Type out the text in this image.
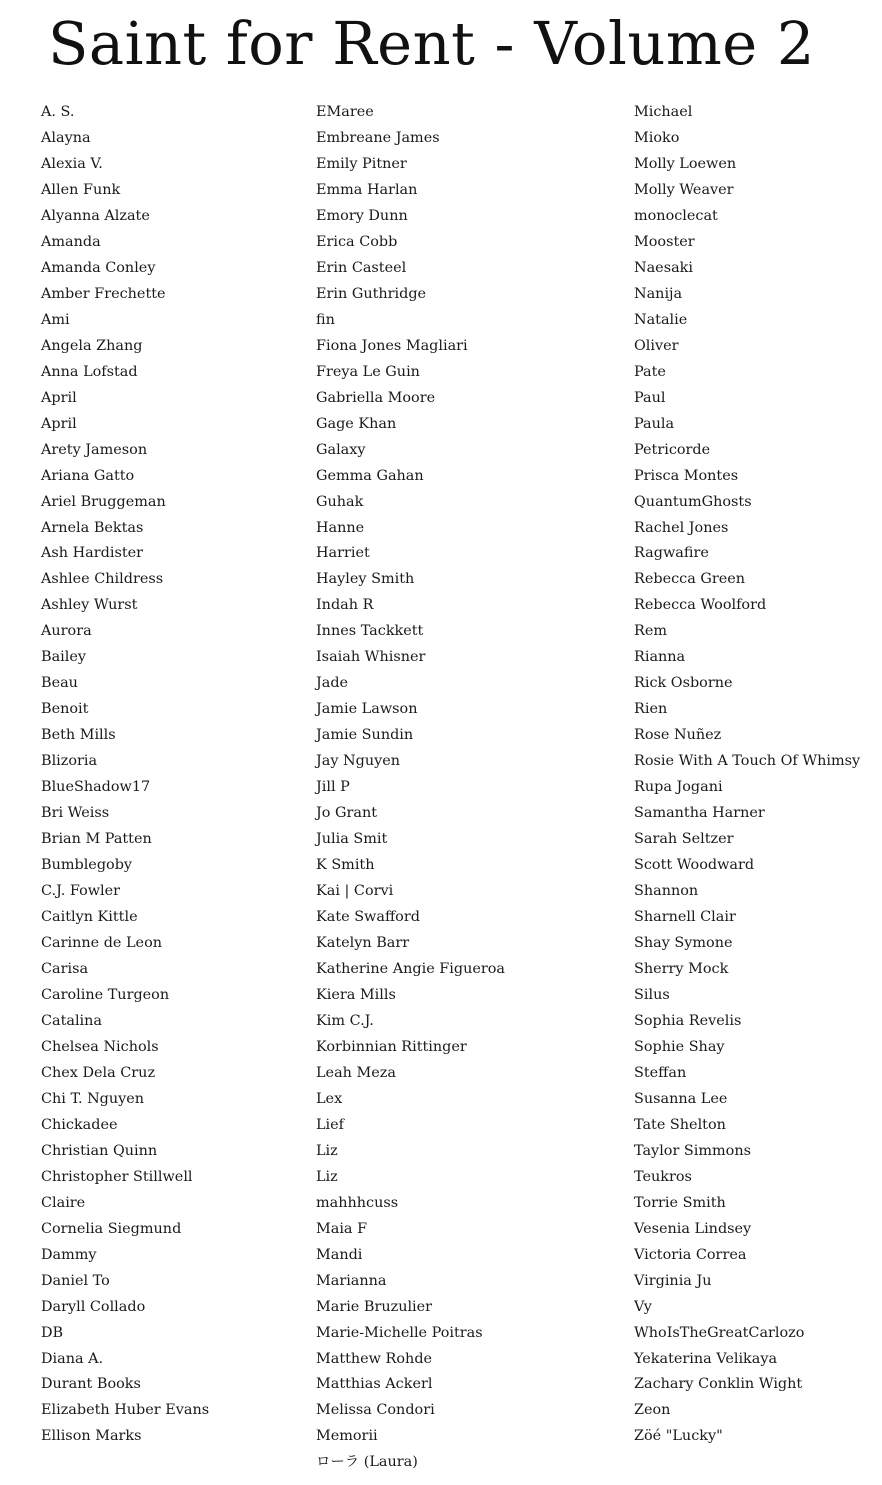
Saint for Rent - Volume 2
A. S.
Alayna
Alexia V.
Allen Funk
Alyanna Alzate
Amanda
Amanda Conley
Amber Frechette
Ami
Angela Zhang
Anna Lofstad
April
April
Arety Jameson
Ariana Gatto
Ariel Bruggeman
Arnela Bektas
Ash Hardister
Ashlee Childress
Ashley Wurst
Aurora
Bailey
Beau
Benoit
Beth Mills
Blizoria
BlueShadow17
Bri Weiss
Brian M Patten
Bumblegoby
C.J. Fowler
Caitlyn Kittle
Carinne de Leon
Carisa
Caroline Turgeon
Catalina
Chelsea Nichols
Chex Dela Cruz
Chi T. Nguyen
Chickadee
Christian Quinn
Christopher Stillwell
Claire
Cornelia Siegmund
Dammy
Daniel To
Daryll Collado
DB
Diana A.
Durant Books
Elizabeth Huber Evans
Ellison Marks
EMaree
Embreane James
Emily Pitner
Emma Harlan
Emory Dunn
Erica Cobb
Erin Casteel
Erin Guthridge
fin
Fiona Jones Magliari
Freya Le Guin
Gabriella Moore
Gage Khan
Galaxy
Gemma Gahan
Guhak
Hanne
Harriet
Hayley Smith
Indah R
Innes Tackkett
Isaiah Whisner
Jade
Jamie Lawson
Jamie Sundin
Jay Nguyen
Jill P
Jo Grant
Julia Smit
K Smith
Kai | Corvi
Kate Swafford
Katelyn Barr
Katherine Angie Figueroa
Kiera Mills
Kim C.J.
Korbinnian Rittinger
Leah Meza
Lex
Lief
Liz
Liz
mahhhcuss
Maia F
Mandi
Marianna
Marie Bruzulier
Marie-Michelle Poitras
Matthew Rohde
Matthias Ackerl
Melissa Condori
Memorii
ローラ (Laura)
Michael
Mioko
Molly Loewen
Molly Weaver
monoclecat
Mooster
Naesaki
Nanija
Natalie
Oliver
Pate
Paul
Paula
Petricorde
Prisca Montes
QuantumGhosts
Rachel Jones
Ragwafire
Rebecca Green
Rebecca Woolford
Rem
Rianna
Rick Osborne
Rien
Rose Nuñez
Rosie With A Touch Of Whimsy
Rupa Jogani
Samantha Harner
Sarah Seltzer
Scott Woodward
Shannon
Sharnell Clair
Shay Symone
Sherry Mock
Silus
Sophia Revelis
Sophie Shay
Steffan
Susanna Lee
Tate Shelton
Taylor Simmons
Teukros
Torrie Smith
Vesenia Lindsey
Victoria Correa
Virginia Ju
Vy
WhoIsTheGreatCarlozo
Yekaterina Velikaya
Zachary Conklin Wight
Zeon
Zöé "Lucky"
